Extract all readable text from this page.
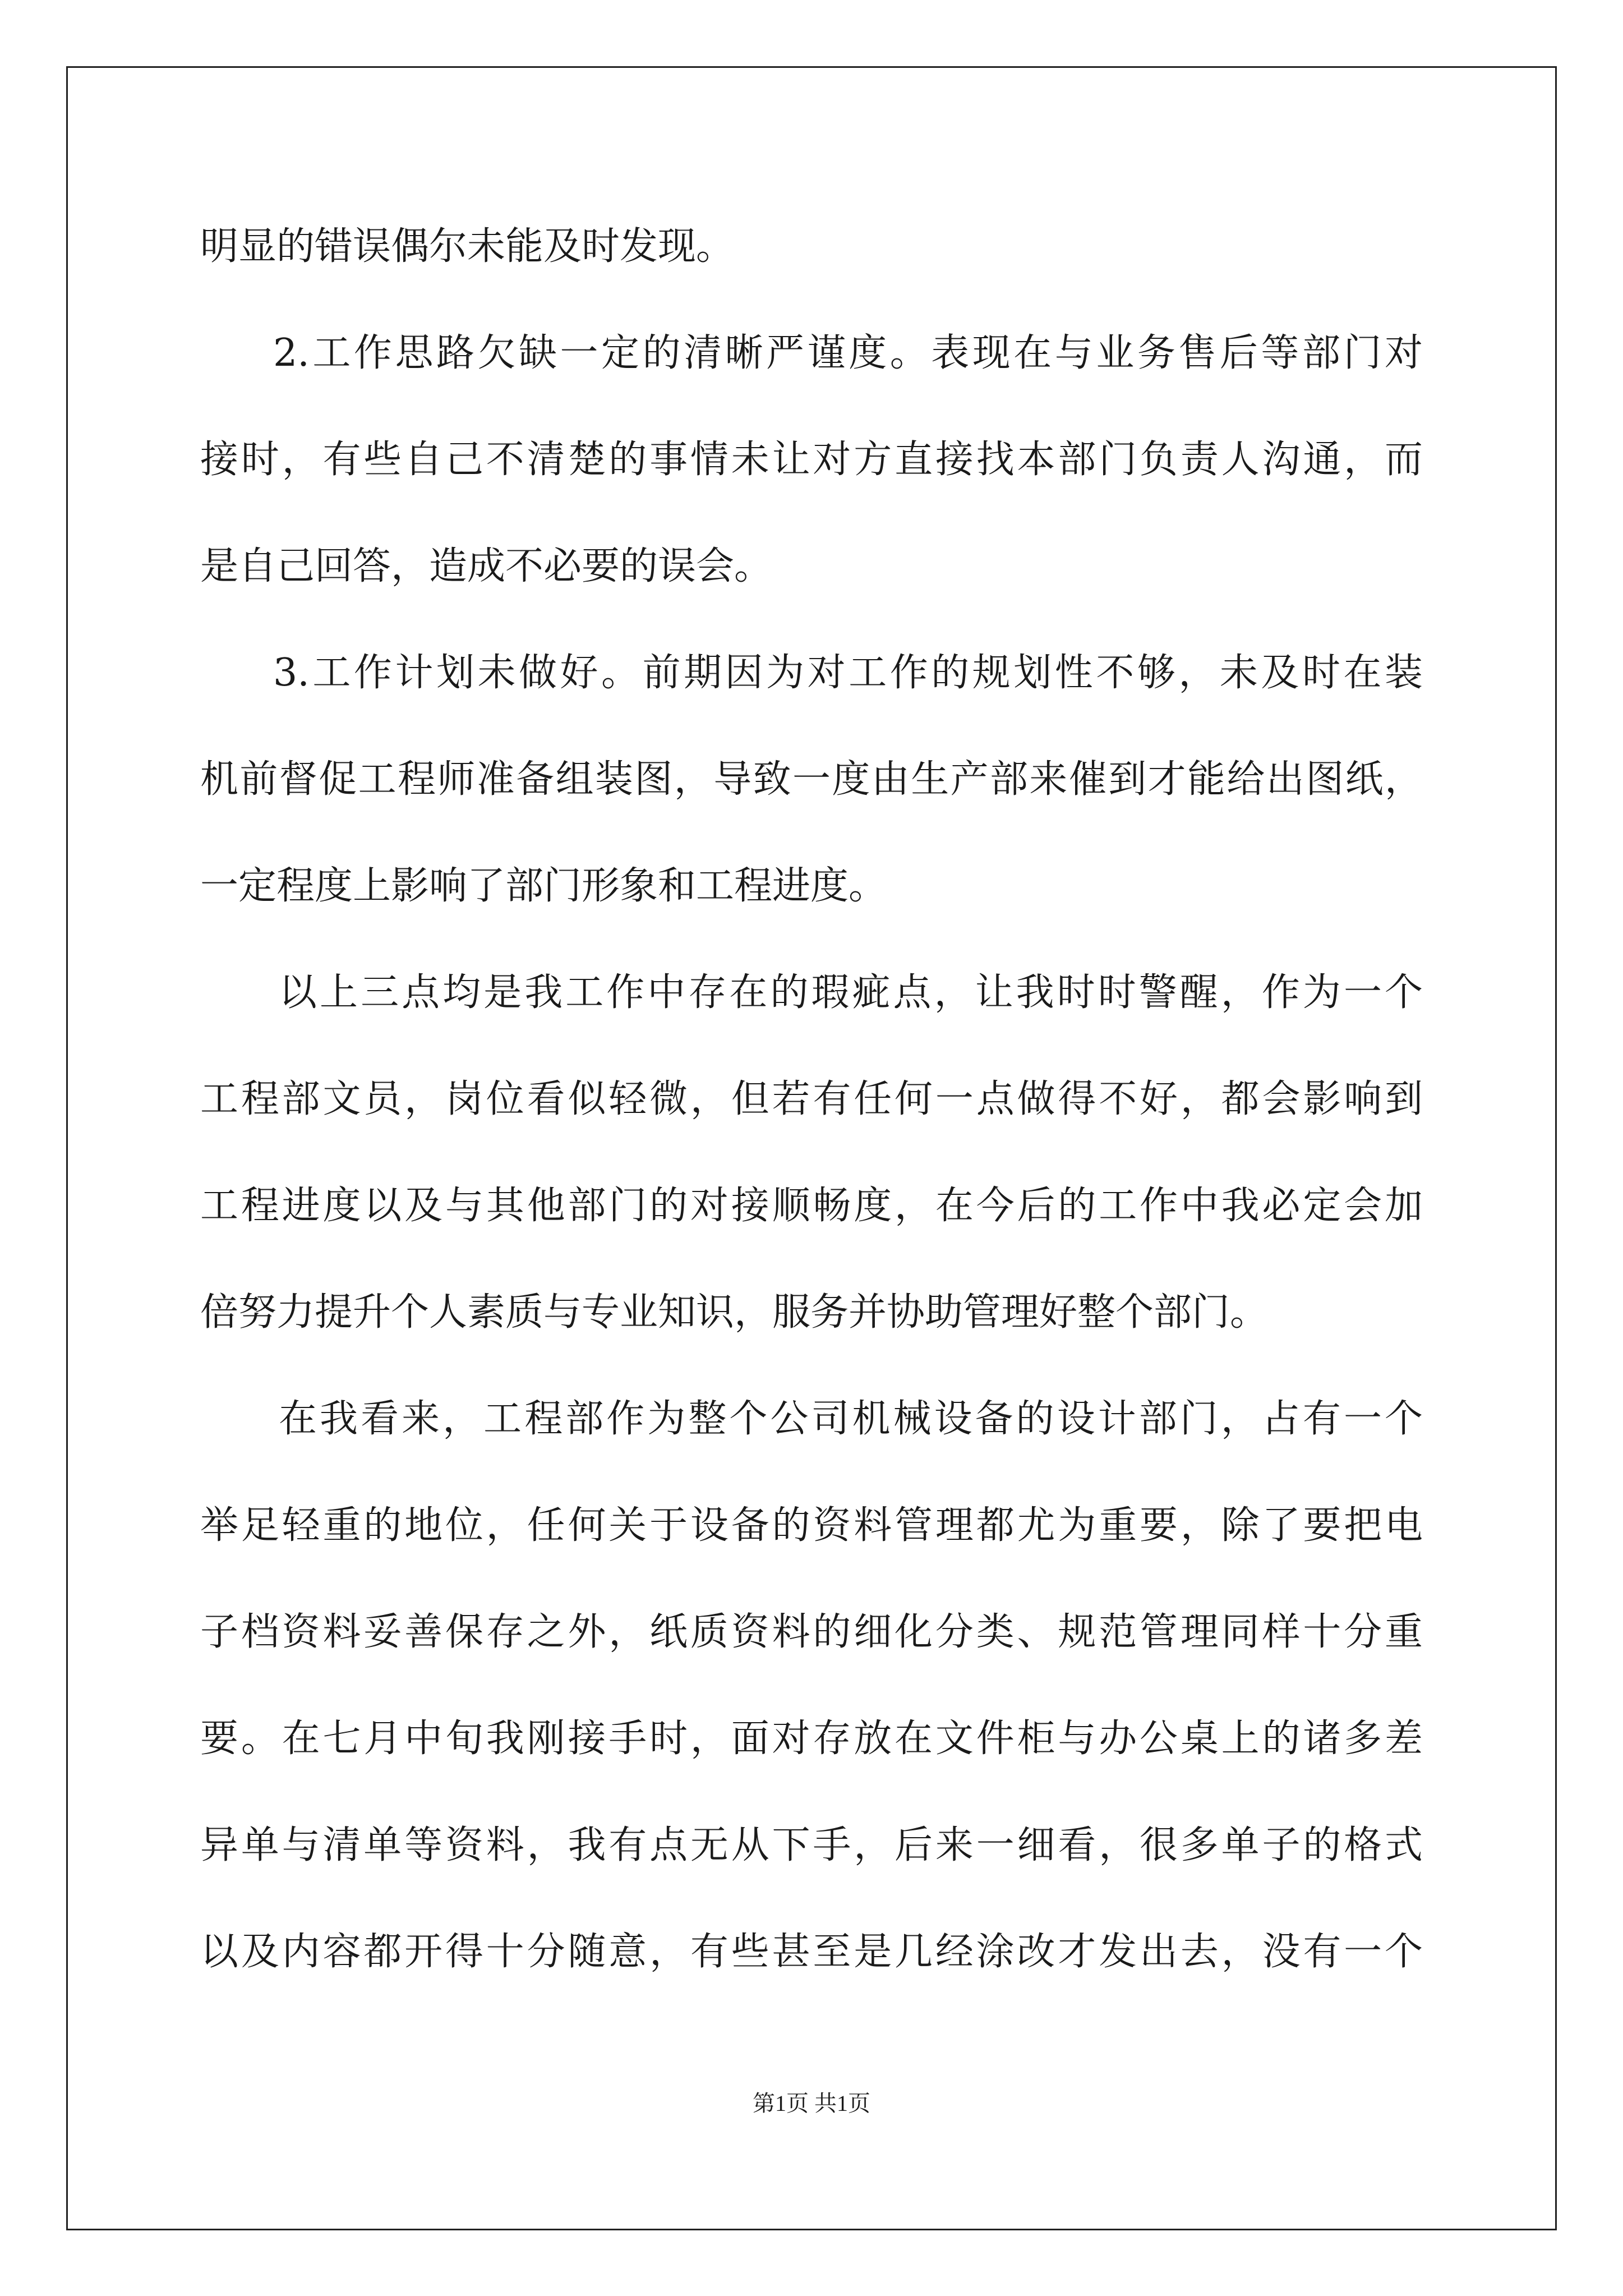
明显的错误偶尔未能及时发现。
2.工作思路欠缺一定的清晰严谨度。表现在与业务售后等部门对
接时，有些自己不清楚的事情未让对方直接找本部门负责人沟通，而
是自己回答，造成不必要的误会。
3.工作计划未做好。前期因为对工作的规划性不够，未及时在装
机前督促工程师准备组装图，导致一度由生产部来催到才能给出图纸，
一定程度上影响了部门形象和工程进度。
以上三点均是我工作中存在的瑕疵点，让我时时警醒，作为一个
工程部文员，岗位看似轻微，但若有任何一点做得不好，都会影响到
工程进度以及与其他部门的对接顺畅度，在今后的工作中我必定会加
倍努力提升个人素质与专业知识，服务并协助管理好整个部门。
在我看来，工程部作为整个公司机械设备的设计部门，占有一个
举足轻重的地位，任何关于设备的资料管理都尤为重要，除了要把电
子档资料妥善保存之外，纸质资料的细化分类、规范管理同样十分重
要。在七月中旬我刚接手时，面对存放在文件柜与办公桌上的诸多差
异单与清单等资料，我有点无从下手，后来一细看，很多单子的格式
以及内容都开得十分随意，有些甚至是几经涂改才发出去，没有一个
第1页 共1页
